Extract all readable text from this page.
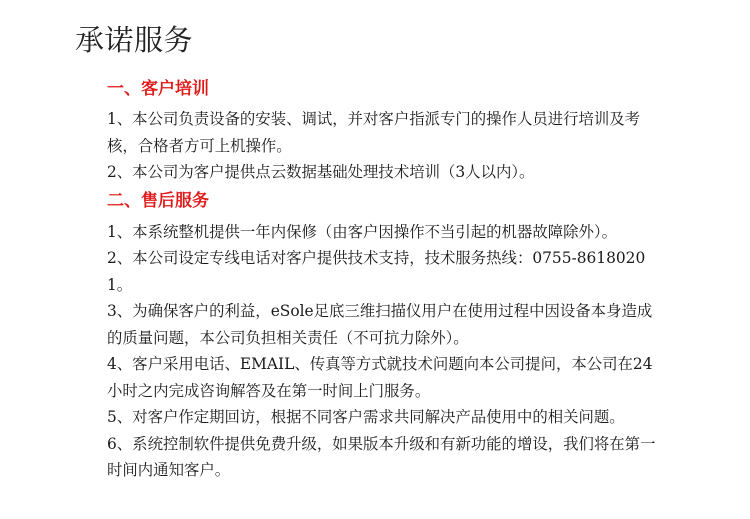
承诺服务
一、客户培训

1、本公司负责设备的安装、调试，并对客户指派专门的操作人员进行培训及考核，合格者方可上机操作。

2、本公司为客户提供点云数据基础处理技术培训（3人以内）。

二、售后服务

1、本系统整机提供一年内保修（由客户因操作不当引起的机器故障除外）。

2、本公司设定专线电话对客户提供技术支持，技术服务热线：0755-86180201。

3、为确保客户的利益，eSole足底三维扫描仪用户在使用过程中因设备本身造成的质量问题，本公司负担相关责任（不可抗力除外）。

4、客户采用电话、EMAIL、传真等方式就技术问题向本公司提问，本公司在24小时之内完成咨询解答及在第一时间上门服务。

5、对客户作定期回访，根据不同客户需求共同解决产品使用中的相关问题。

6、系统控制软件提供免费升级，如果版本升级和有新功能的增设，我们将在第一时间内通知客户。
